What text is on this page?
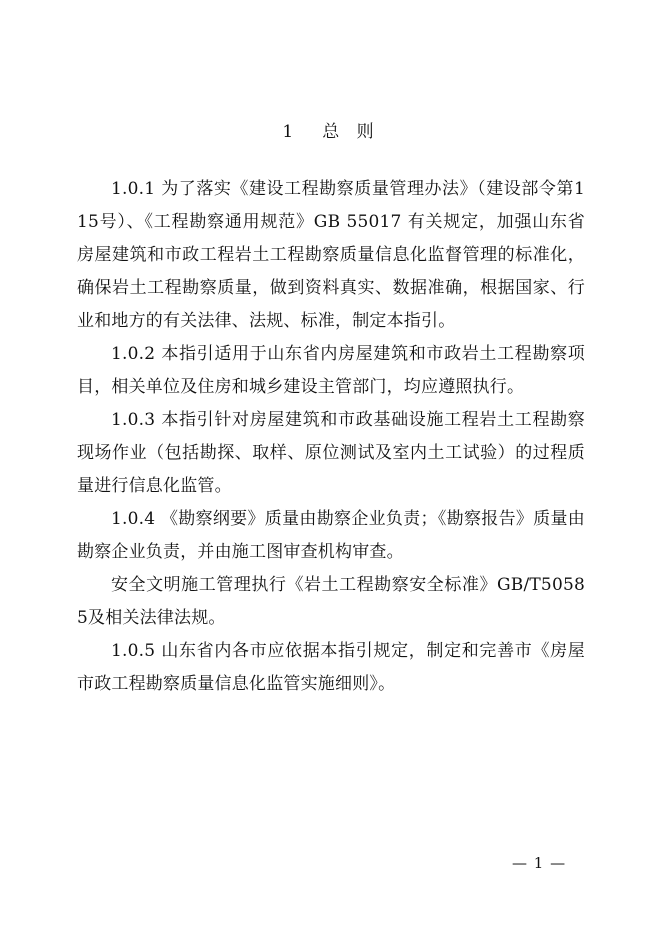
1　总 则

1.0.1 为了落实《建设工程勘察质量管理办法》（建设部令第115号）、《工程勘察通用规范》GB 55017 有关规定，加强山东省房屋建筑和市政工程岩土工程勘察质量信息化监督管理的标准化，确保岩土工程勘察质量，做到资料真实、数据准确，根据国家、行业和地方的有关法律、法规、标准，制定本指引。

1.0.2 本指引适用于山东省内房屋建筑和市政岩土工程勘察项目，相关单位及住房和城乡建设主管部门，均应遵照执行。

1.0.3 本指引针对房屋建筑和市政基础设施工程岩土工程勘察现场作业（包括勘探、取样、原位测试及室内土工试验）的过程质量进行信息化监管。

1.0.4 《勘察纲要》质量由勘察企业负责；《勘察报告》质量由勘察企业负责，并由施工图审查机构审查。

安全文明施工管理执行《岩土工程勘察安全标准》GB/T50585及相关法律法规。

1.0.5 山东省内各市应依据本指引规定，制定和完善市《房屋市政工程勘察质量信息化监管实施细则》。

— 1 —
